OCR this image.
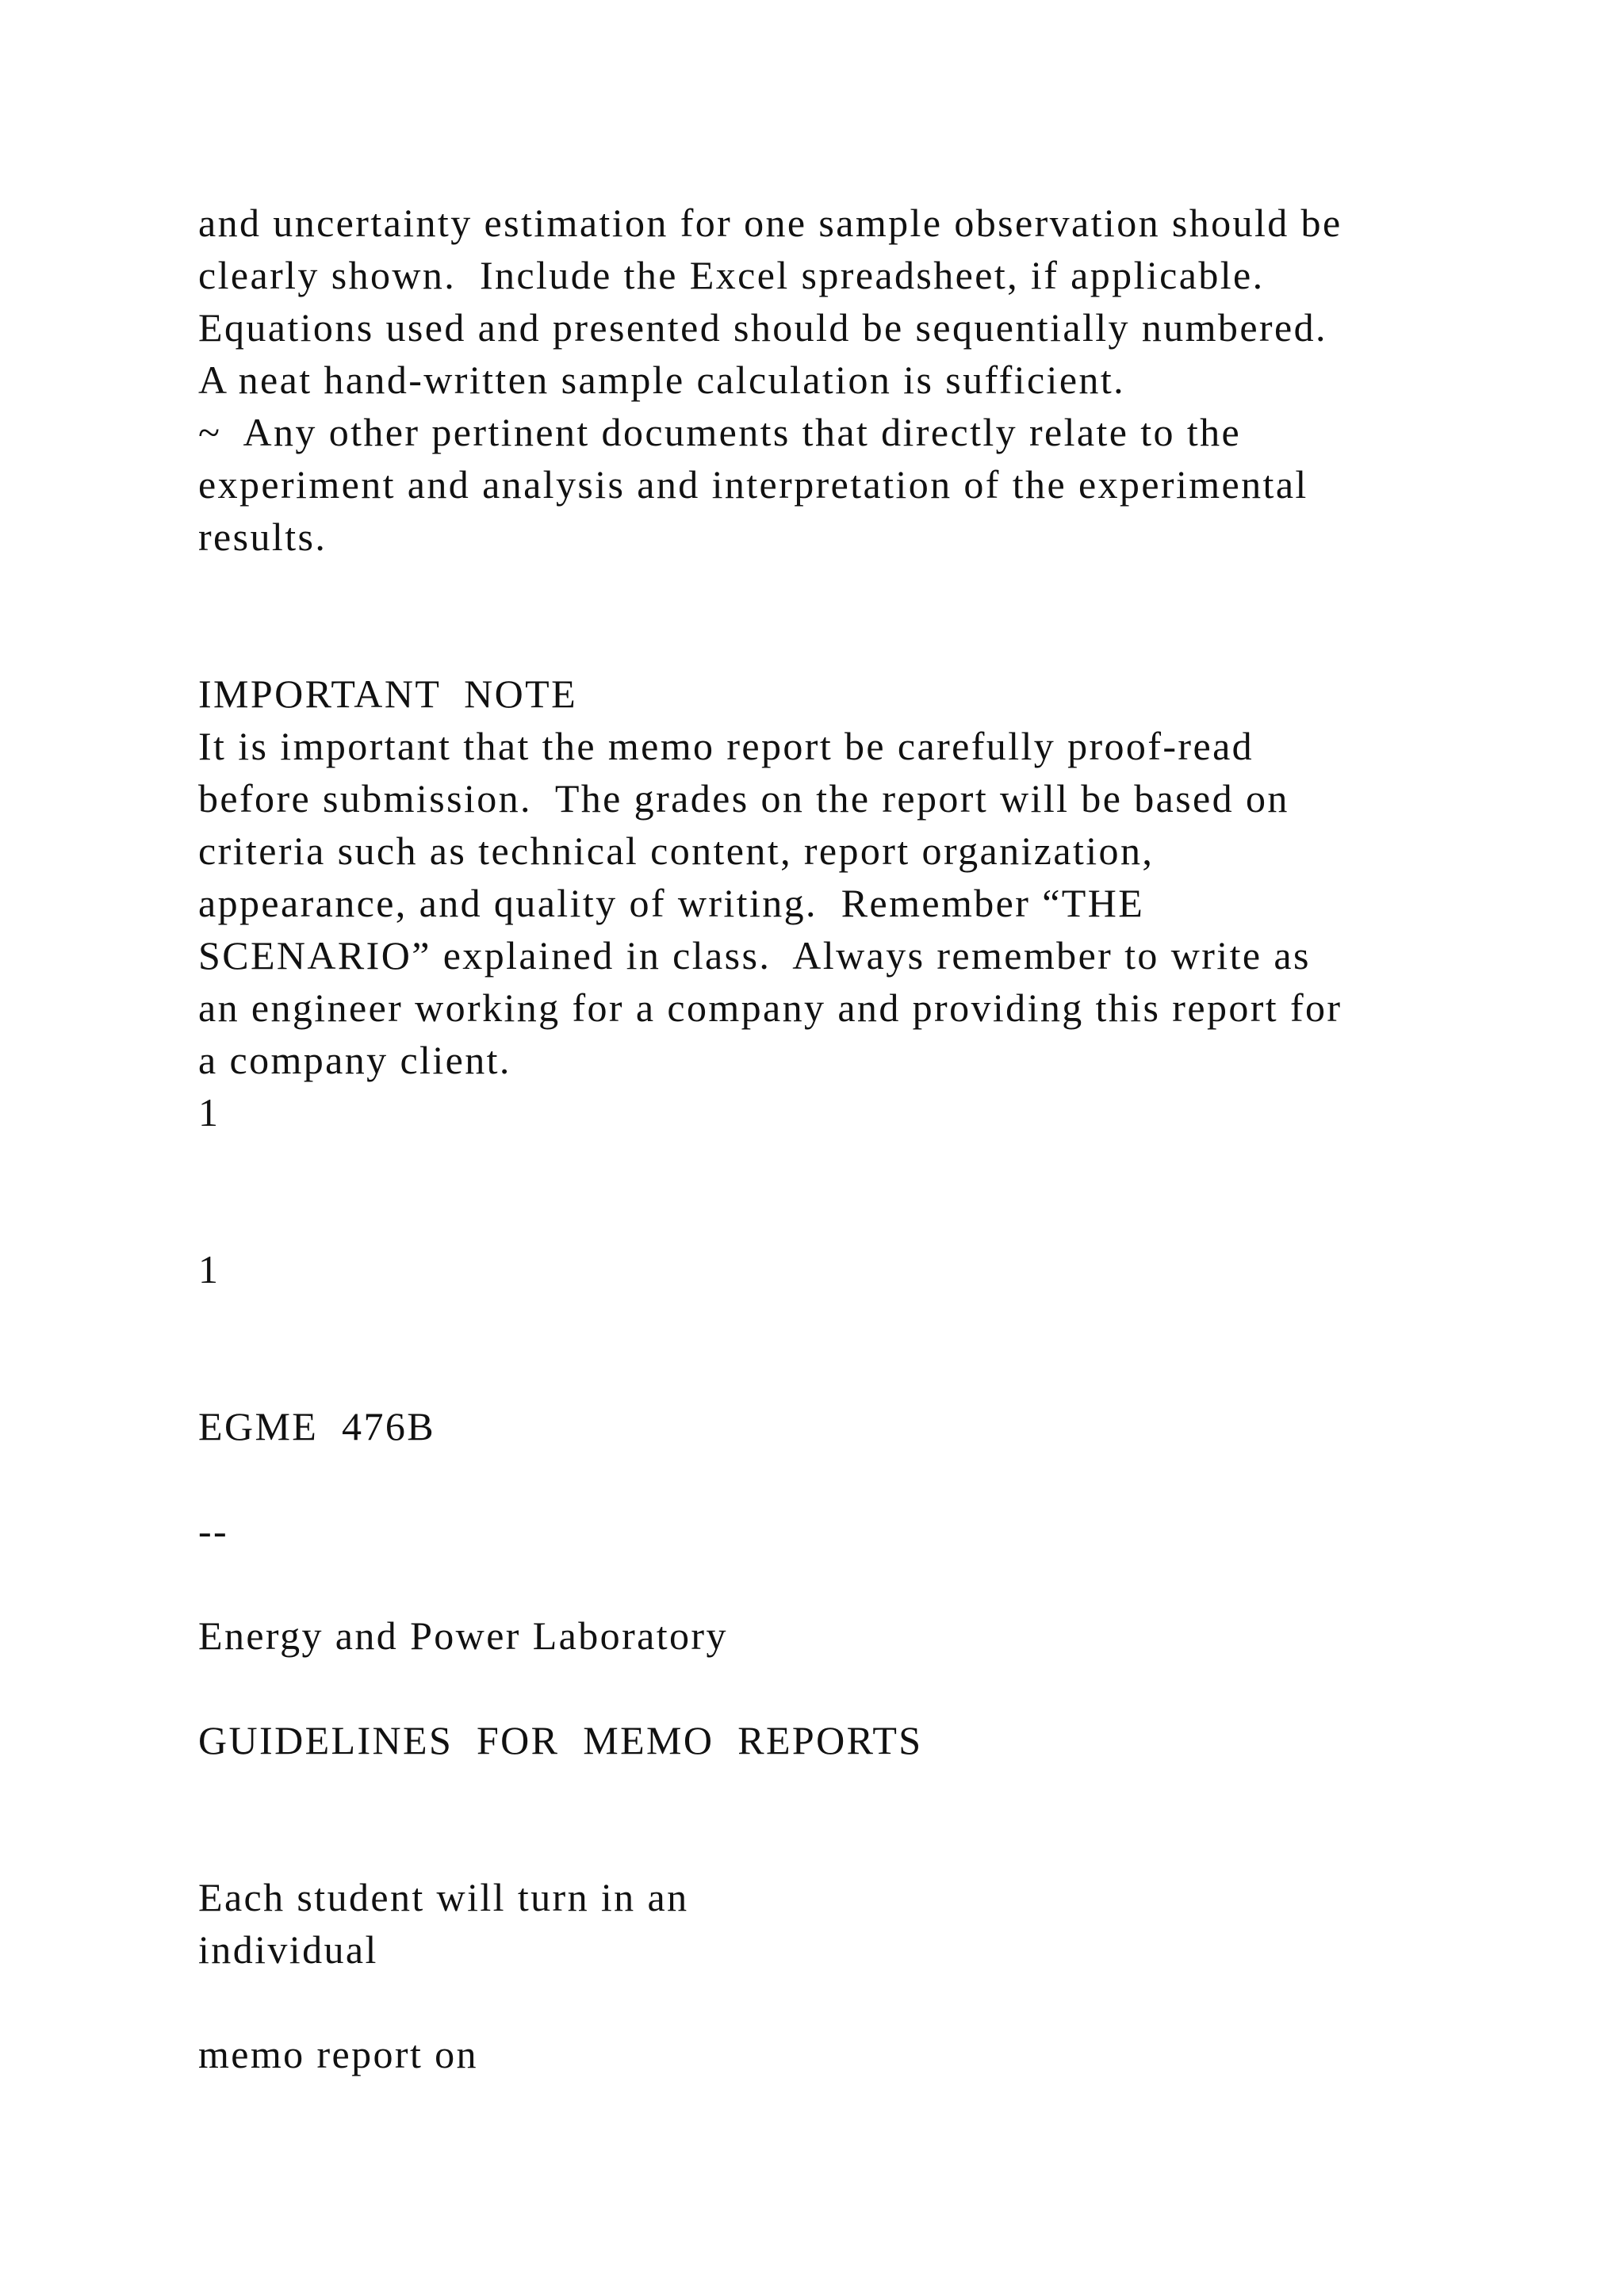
and uncertainty estimation for one sample observation should be

clearly shown.  Include the Excel spreadsheet, if applicable.

Equations used and presented should be sequentially numbered.

A neat hand-written sample calculation is sufficient.

~  Any other pertinent documents that directly relate to the

experiment and analysis and interpretation of the experimental

results.

IMPORTANT  NOTE

It is important that the memo report be carefully proof-read

before submission.  The grades on the report will be based on

criteria such as technical content, report organization,

appearance, and quality of writing.  Remember “THE

SCENARIO” explained in class.  Always remember to write as

an engineer working for a company and providing this report for

a company client.

1

1

EGME  476B

--

Energy and Power Laboratory

GUIDELINES  FOR  MEMO  REPORTS

Each student will turn in an

individual

memo report on
